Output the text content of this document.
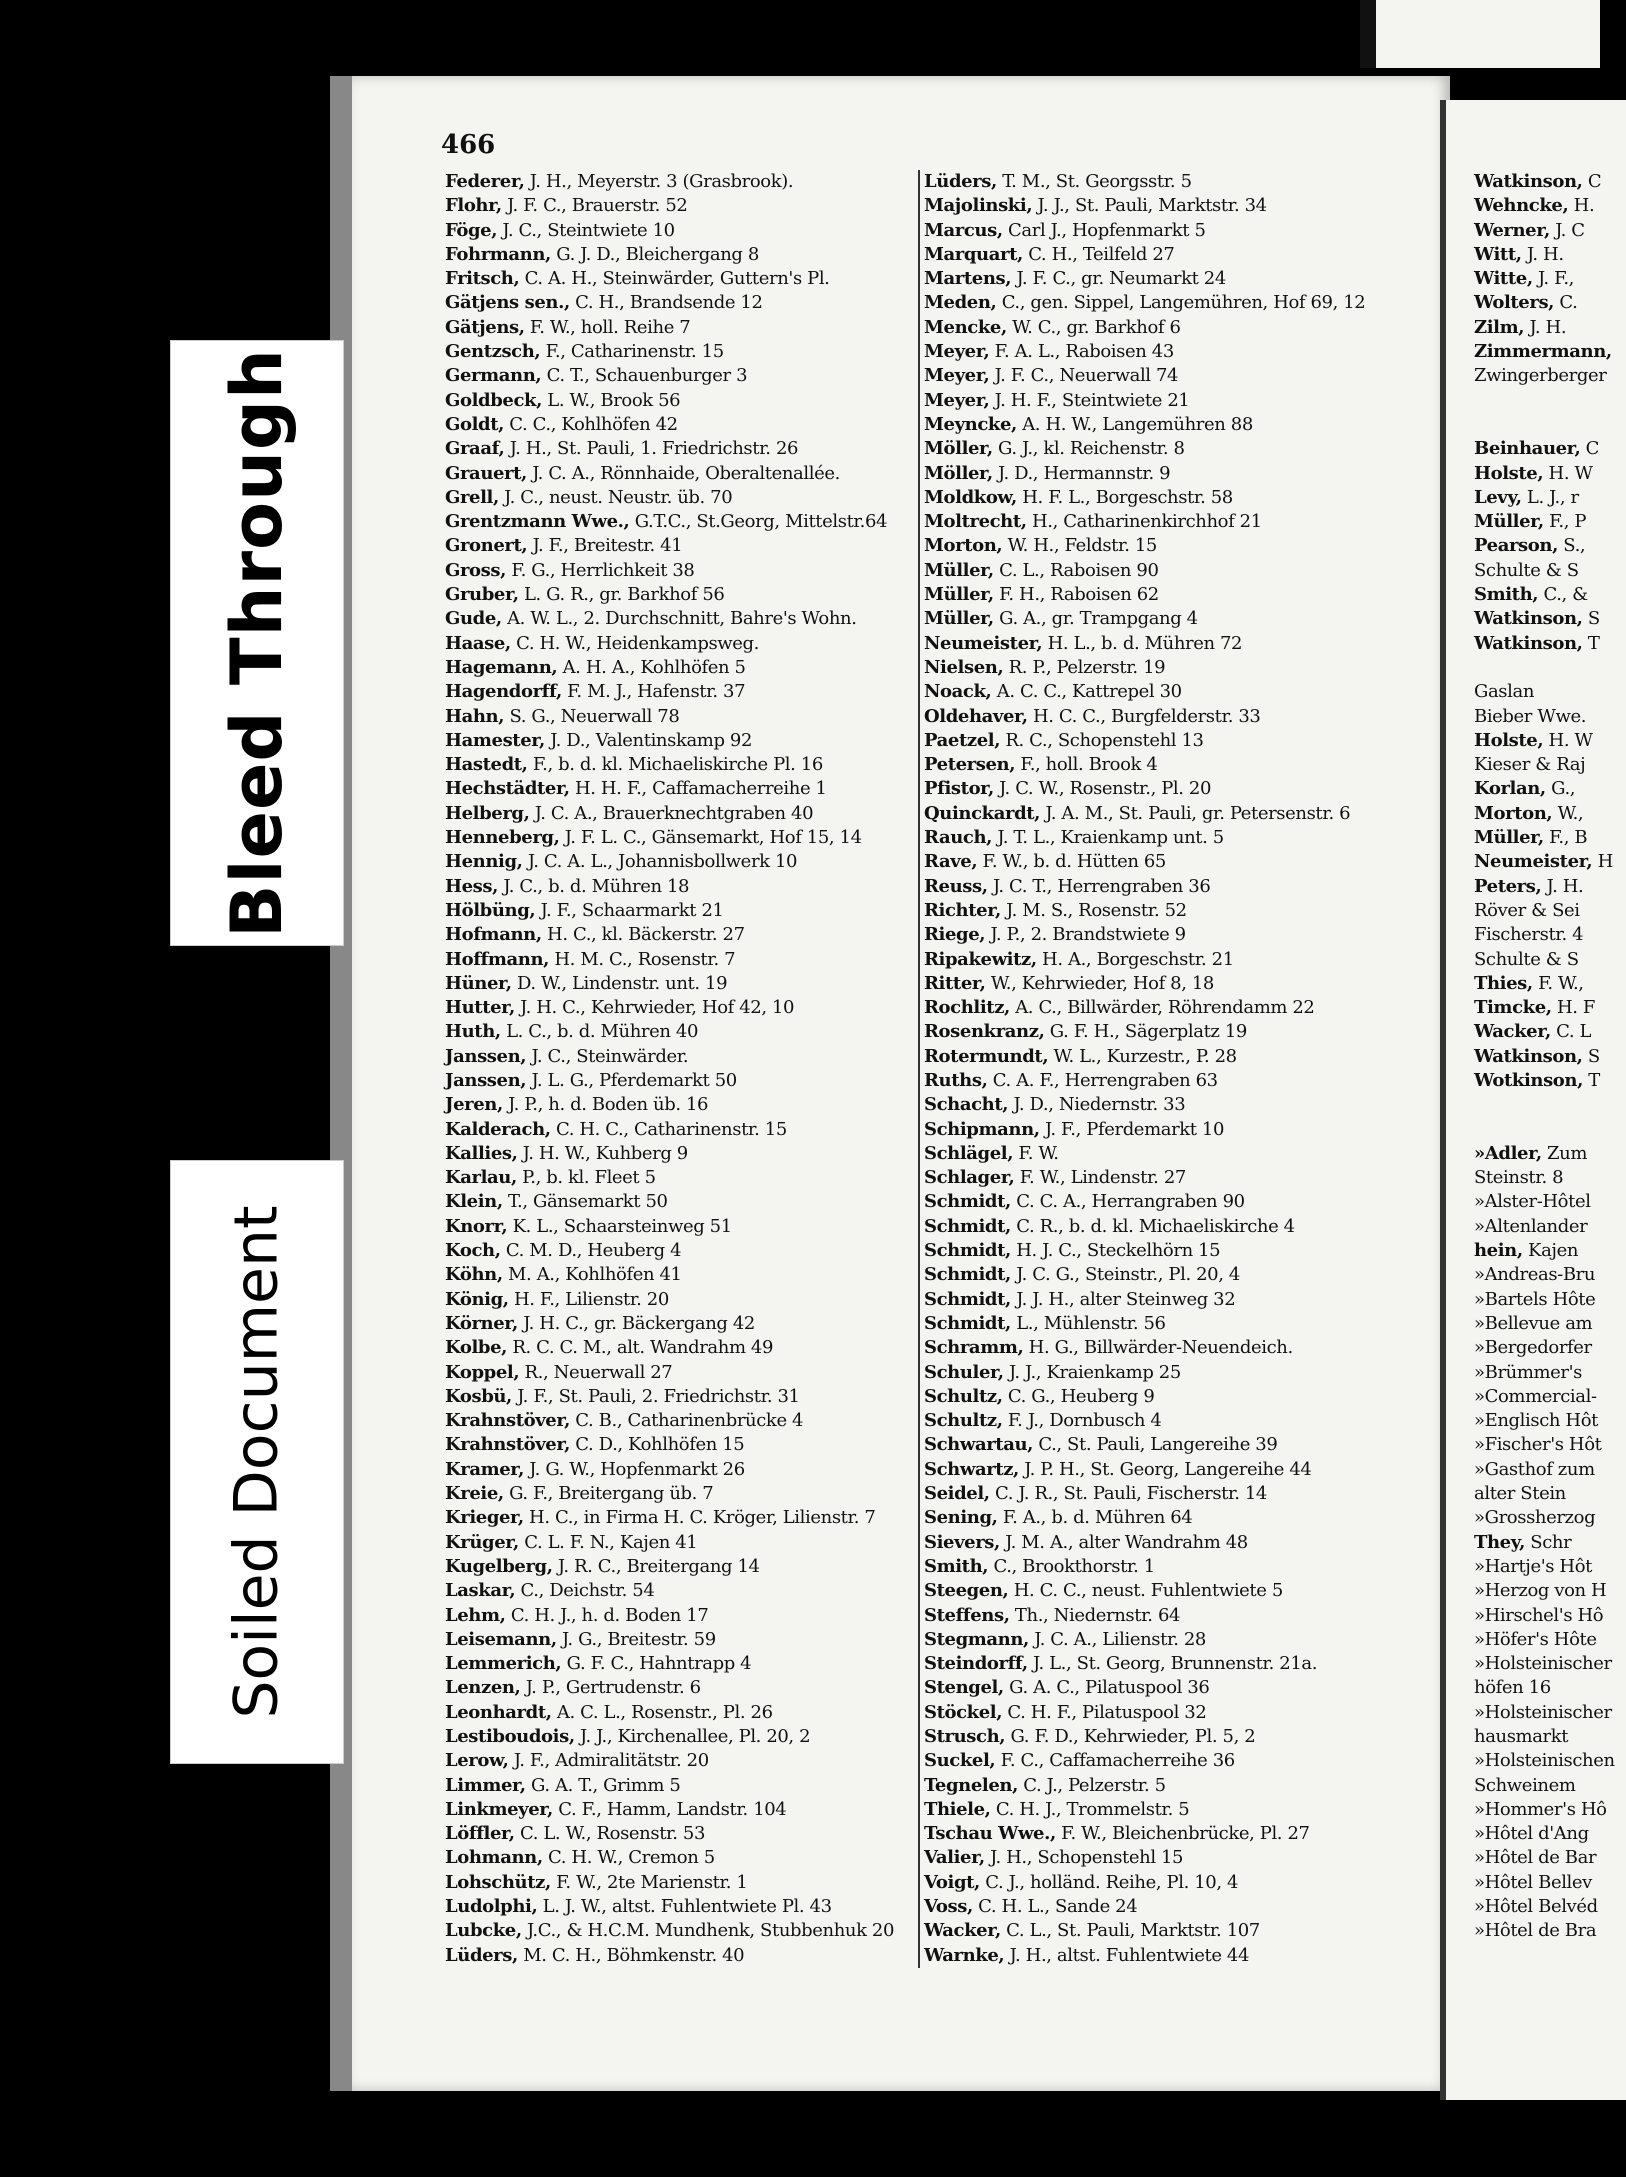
Bleed Through
Soiled Document
466
Federer, J. H., Meyerstr. 3 (Grasbrook).
Flohr, J. F. C., Brauerstr. 52
Föge, J. C., Steintwiete 10
Fohrmann, G. J. D., Bleichergang 8
Fritsch, C. A. H., Steinwärder, Guttern's Pl.
Gätjens sen., C. H., Brandsende 12
Gätjens, F. W., holl. Reihe 7
Gentzsch, F., Catharinenstr. 15
Germann, C. T., Schauenburger 3
Goldbeck, L. W., Brook 56
Goldt, C. C., Kohlhöfen 42
Graaf, J. H., St. Pauli, 1. Friedrichstr. 26
Grauert, J. C. A., Rönnhaide, Oberaltenallée.
Grell, J. C., neust. Neustr. üb. 70
Grentzmann Wwe., G.T.C., St.Georg, Mittelstr.64
Gronert, J. F., Breitestr. 41
Gross, F. G., Herrlichkeit 38
Gruber, L. G. R., gr. Barkhof 56
Gude, A. W. L., 2. Durchschnitt, Bahre's Wohn.
Haase, C. H. W., Heidenkampsweg.
Hagemann, A. H. A., Kohlhöfen 5
Hagendorff, F. M. J., Hafenstr. 37
Hahn, S. G., Neuerwall 78
Hamester, J. D., Valentinskamp 92
Hastedt, F., b. d. kl. Michaeliskirche Pl. 16
Hechstädter, H. H. F., Caffamacherreihe 1
Helberg, J. C. A., Brauerknechtgraben 40
Henneberg, J. F. L. C., Gänsemarkt, Hof 15, 14
Hennig, J. C. A. L., Johannisbollwerk 10
Hess, J. C., b. d. Mühren 18
Hölbüng, J. F., Schaarmarkt 21
Hofmann, H. C., kl. Bäckerstr. 27
Hoffmann, H. M. C., Rosenstr. 7
Hüner, D. W., Lindenstr. unt. 19
Hutter, J. H. C., Kehrwieder, Hof 42, 10
Huth, L. C., b. d. Mühren 40
Janssen, J. C., Steinwärder.
Janssen, J. L. G., Pferdemarkt 50
Jeren, J. P., h. d. Boden üb. 16
Kalderach, C. H. C., Catharinenstr. 15
Kallies, J. H. W., Kuhberg 9
Karlau, P., b. kl. Fleet 5
Klein, T., Gänsemarkt 50
Knorr, K. L., Schaarsteinweg 51
Koch, C. M. D., Heuberg 4
Köhn, M. A., Kohlhöfen 41
König, H. F., Lilienstr. 20
Körner, J. H. C., gr. Bäckergang 42
Kolbe, R. C. C. M., alt. Wandrahm 49
Koppel, R., Neuerwall 27
Kosbü, J. F., St. Pauli, 2. Friedrichstr. 31
Krahnstöver, C. B., Catharinenbrücke 4
Krahnstöver, C. D., Kohlhöfen 15
Kramer, J. G. W., Hopfenmarkt 26
Kreie, G. F., Breitergang üb. 7
Krieger, H. C., in Firma H. C. Kröger, Lilienstr. 7
Krüger, C. L. F. N., Kajen 41
Kugelberg, J. R. C., Breitergang 14
Laskar, C., Deichstr. 54
Lehm, C. H. J., h. d. Boden 17
Leisemann, J. G., Breitestr. 59
Lemmerich, G. F. C., Hahntrapp 4
Lenzen, J. P., Gertrudenstr. 6
Leonhardt, A. C. L., Rosenstr., Pl. 26
Lestiboudois, J. J., Kirchenallee, Pl. 20, 2
Lerow, J. F., Admiralitätstr. 20
Limmer, G. A. T., Grimm 5
Linkmeyer, C. F., Hamm, Landstr. 104
Löffler, C. L. W., Rosenstr. 53
Lohmann, C. H. W., Cremon 5
Lohschütz, F. W., 2te Marienstr. 1
Ludolphi, L. J. W., altst. Fuhlentwiete Pl. 43
Lubcke, J.C., & H.C.M. Mundhenk, Stubbenhuk 20
Lüders, M. C. H., Böhmkenstr. 40
Lüders, T. M., St. Georgsstr. 5
Majolinski, J. J., St. Pauli, Marktstr. 34
Marcus, Carl J., Hopfenmarkt 5
Marquart, C. H., Teilfeld 27
Martens, J. F. C., gr. Neumarkt 24
Meden, C., gen. Sippel, Langemühren, Hof 69, 12
Mencke, W. C., gr. Barkhof 6
Meyer, F. A. L., Raboisen 43
Meyer, J. F. C., Neuerwall 74
Meyer, J. H. F., Steintwiete 21
Meyncke, A. H. W., Langemühren 88
Möller, G. J., kl. Reichenstr. 8
Möller, J. D., Hermannstr. 9
Moldkow, H. F. L., Borgeschstr. 58
Moltrecht, H., Catharinenkirchhof 21
Morton, W. H., Feldstr. 15
Müller, C. L., Raboisen 90
Müller, F. H., Raboisen 62
Müller, G. A., gr. Trampgang 4
Neumeister, H. L., b. d. Mühren 72
Nielsen, R. P., Pelzerstr. 19
Noack, A. C. C., Kattrepel 30
Oldehaver, H. C. C., Burgfelderstr. 33
Paetzel, R. C., Schopenstehl 13
Petersen, F., holl. Brook 4
Pfistor, J. C. W., Rosenstr., Pl. 20
Quinckardt, J. A. M., St. Pauli, gr. Petersenstr. 6
Rauch, J. T. L., Kraienkamp unt. 5
Rave, F. W., b. d. Hütten 65
Reuss, J. C. T., Herrengraben 36
Richter, J. M. S., Rosenstr. 52
Riege, J. P., 2. Brandstwiete 9
Ripakewitz, H. A., Borgeschstr. 21
Ritter, W., Kehrwieder, Hof 8, 18
Rochlitz, A. C., Billwärder, Röhrendamm 22
Rosenkranz, G. F. H., Sägerplatz 19
Rotermundt, W. L., Kurzestr., P. 28
Ruths, C. A. F., Herrengraben 63
Schacht, J. D., Niedernstr. 33
Schipmann, J. F., Pferdemarkt 10
Schlägel, F. W.
Schlager, F. W., Lindenstr. 27
Schmidt, C. C. A., Herrangraben 90
Schmidt, C. R., b. d. kl. Michaeliskirche 4
Schmidt, H. J. C., Steckelhörn 15
Schmidt, J. C. G., Steinstr., Pl. 20, 4
Schmidt, J. J. H., alter Steinweg 32
Schmidt, L., Mühlenstr. 56
Schramm, H. G., Billwärder-Neuendeich.
Schuler, J. J., Kraienkamp 25
Schultz, C. G., Heuberg 9
Schultz, F. J., Dornbusch 4
Schwartau, C., St. Pauli, Langereihe 39
Schwartz, J. P. H., St. Georg, Langereihe 44
Seidel, C. J. R., St. Pauli, Fischerstr. 14
Sening, F. A., b. d. Mühren 64
Sievers, J. M. A., alter Wandrahm 48
Smith, C., Brookthorstr. 1
Steegen, H. C. C., neust. Fuhlentwiete 5
Steffens, Th., Niedernstr. 64
Stegmann, J. C. A., Lilienstr. 28
Steindorff, J. L., St. Georg, Brunnenstr. 21a.
Stengel, G. A. C., Pilatuspool 36
Stöckel, C. H. F., Pilatuspool 32
Strusch, G. F. D., Kehrwieder, Pl. 5, 2
Suckel, F. C., Caffamacherreihe 36
Tegnelen, C. J., Pelzerstr. 5
Thiele, C. H. J., Trommelstr. 5
Tschau Wwe., F. W., Bleichenbrücke, Pl. 27
Valier, J. H., Schopenstehl 15
Voigt, C. J., holländ. Reihe, Pl. 10, 4
Voss, C. H. L., Sande 24
Wacker, C. L., St. Pauli, Marktstr. 107
Warnke, J. H., altst. Fuhlentwiete 44
Watkinson, C
Wehncke, H.
Werner, J. C
Witt, J. H.
Witte, J. F.,
Wolters, C.
Zilm, J. H.
Zimmermann,
Zwingerberger
Beinhauer, C
Holste, H. W
Levy, L. J., r
Müller, F., P
Pearson, S.,
Schulte & S
Smith, C., &
Watkinson, S
Watkinson, T
Gaslan
Bieber Wwe.
Holste, H. W
Kieser & Raj
Korlan, G.,
Morton, W.,
Müller, F., B
Neumeister, H
Peters, J. H.
Röver & Sei
Fischerstr. 4
Schulte & S
Thies, F. W.,
Timcke, H. F
Wacker, C. L
Watkinson, S
Wotkinson, T
»Adler, Zum
Steinstr. 8
»Alster-Hôtel
»Altenlander
hein, Kajen
»Andreas-Bru
»Bartels Hôte
»Bellevue am
»Bergedorfer
»Brümmer's
»Commercial-
»Englisch Hôt
»Fischer's Hôt
»Gasthof zum
alter Stein
»Grossherzog
They, Schr
»Hartje's Hôt
»Herzog von H
»Hirschel's Hô
»Höfer's Hôte
»Holsteinischer
höfen 16
»Holsteinischer
hausmarkt
»Holsteinischen
Schweinem
»Hommer's Hô
»Hôtel d'Ang
»Hôtel de Bar
»Hôtel Bellev
»Hôtel Belvéd
»Hôtel de Bra
